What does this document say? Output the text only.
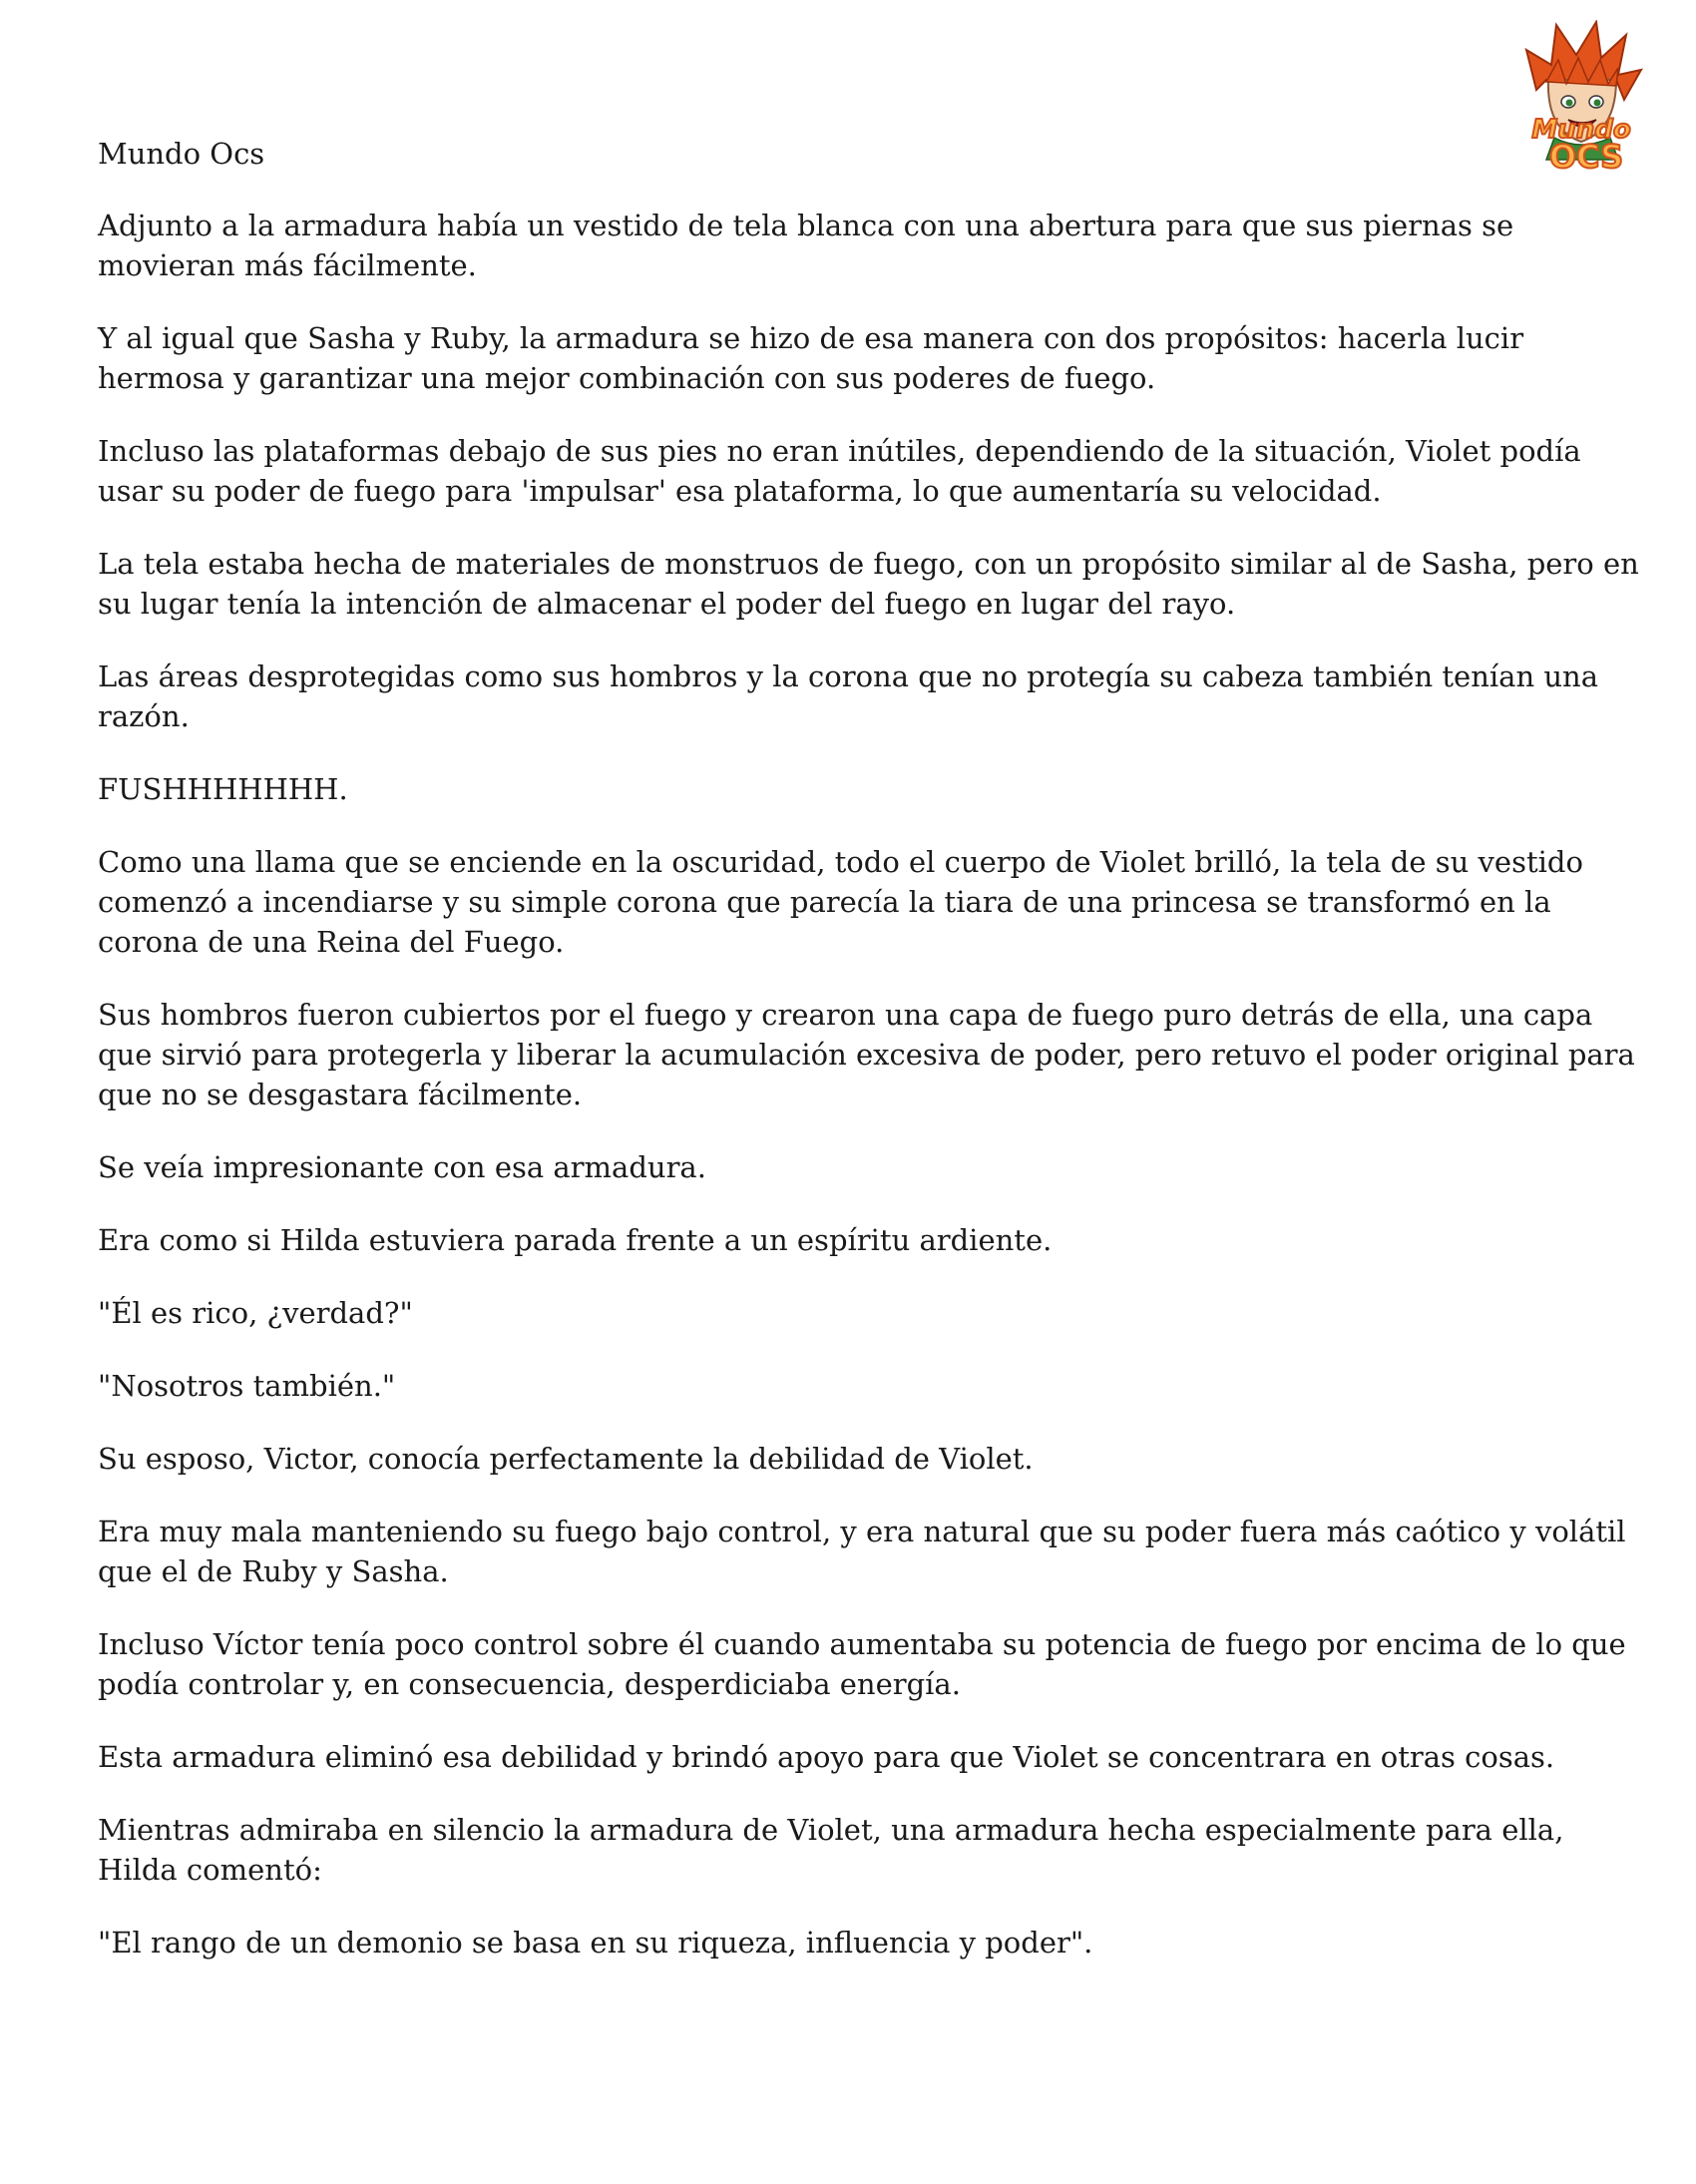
Mundo Ocs
Mundo
OCS

Adjunto a la armadura había un vestido de tela blanca con una abertura para que sus piernas se movieran más fácilmente.

Y al igual que Sasha y Ruby, la armadura se hizo de esa manera con dos propósitos: hacerla lucir hermosa y garantizar una mejor combinación con sus poderes de fuego.

Incluso las plataformas debajo de sus pies no eran inútiles, dependiendo de la situación, Violet podía usar su poder de fuego para 'impulsar' esa plataforma, lo que aumentaría su velocidad.

La tela estaba hecha de materiales de monstruos de fuego, con un propósito similar al de Sasha, pero en su lugar tenía la intención de almacenar el poder del fuego en lugar del rayo.

Las áreas desprotegidas como sus hombros y la corona que no protegía su cabeza también tenían una razón.

FUSHHHHHHH.

Como una llama que se enciende en la oscuridad, todo el cuerpo de Violet brilló, la tela de su vestido comenzó a incendiarse y su simple corona que parecía la tiara de una princesa se transformó en la corona de una Reina del Fuego.

Sus hombros fueron cubiertos por el fuego y crearon una capa de fuego puro detrás de ella, una capa que sirvió para protegerla y liberar la acumulación excesiva de poder, pero retuvo el poder original para que no se desgastara fácilmente.

Se veía impresionante con esa armadura.

Era como si Hilda estuviera parada frente a un espíritu ardiente.

"Él es rico, ¿verdad?"

"Nosotros también."

Su esposo, Victor, conocía perfectamente la debilidad de Violet.

Era muy mala manteniendo su fuego bajo control, y era natural que su poder fuera más caótico y volátil que el de Ruby y Sasha.

Incluso Víctor tenía poco control sobre él cuando aumentaba su potencia de fuego por encima de lo que podía controlar y, en consecuencia, desperdiciaba energía.

Esta armadura eliminó esa debilidad y brindó apoyo para que Violet se concentrara en otras cosas.

Mientras admiraba en silencio la armadura de Violet, una armadura hecha especialmente para ella, Hilda comentó:

"El rango de un demonio se basa en su riqueza, influencia y poder".
